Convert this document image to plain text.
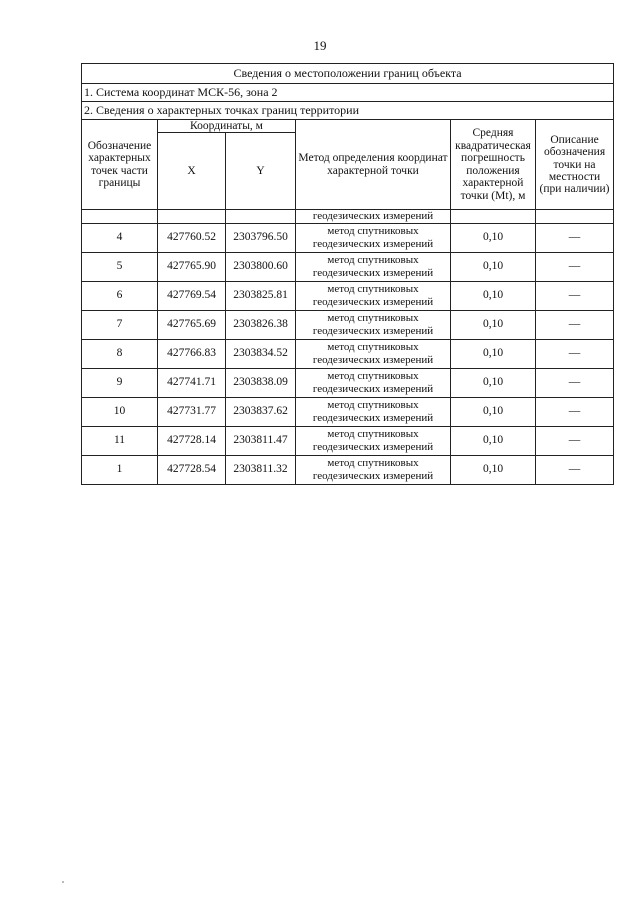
19
Сведения о местоположении границ объекта					
1. Система координат МСК-56, зона 2					
2. Сведения о характерных точках границ территории					
Обозначение характерных точек части границы	Координаты, м		Метод определения координат характерной точки	Средняя квадратическая погрешность положения характерной точки (Mt), м	Описание обозначения точки на местности (при наличии)
	X	Y			
			геодезических измерений		
4	427760.52	2303796.50	метод спутниковых геодезических измерений	0,10	—
5	427765.90	2303800.60	метод спутниковых геодезических измерений	0,10	—
6	427769.54	2303825.81	метод спутниковых геодезических измерений	0,10	—
7	427765.69	2303826.38	метод спутниковых геодезических измерений	0,10	—
8	427766.83	2303834.52	метод спутниковых геодезических измерений	0,10	—
9	427741.71	2303838.09	метод спутниковых геодезических измерений	0,10	—
10	427731.77	2303837.62	метод спутниковых геодезических измерений	0,10	—
11	427728.14	2303811.47	метод спутниковых геодезических измерений	0,10	—
1	427728.54	2303811.32	метод спутниковых геодезических измерений	0,10	—
